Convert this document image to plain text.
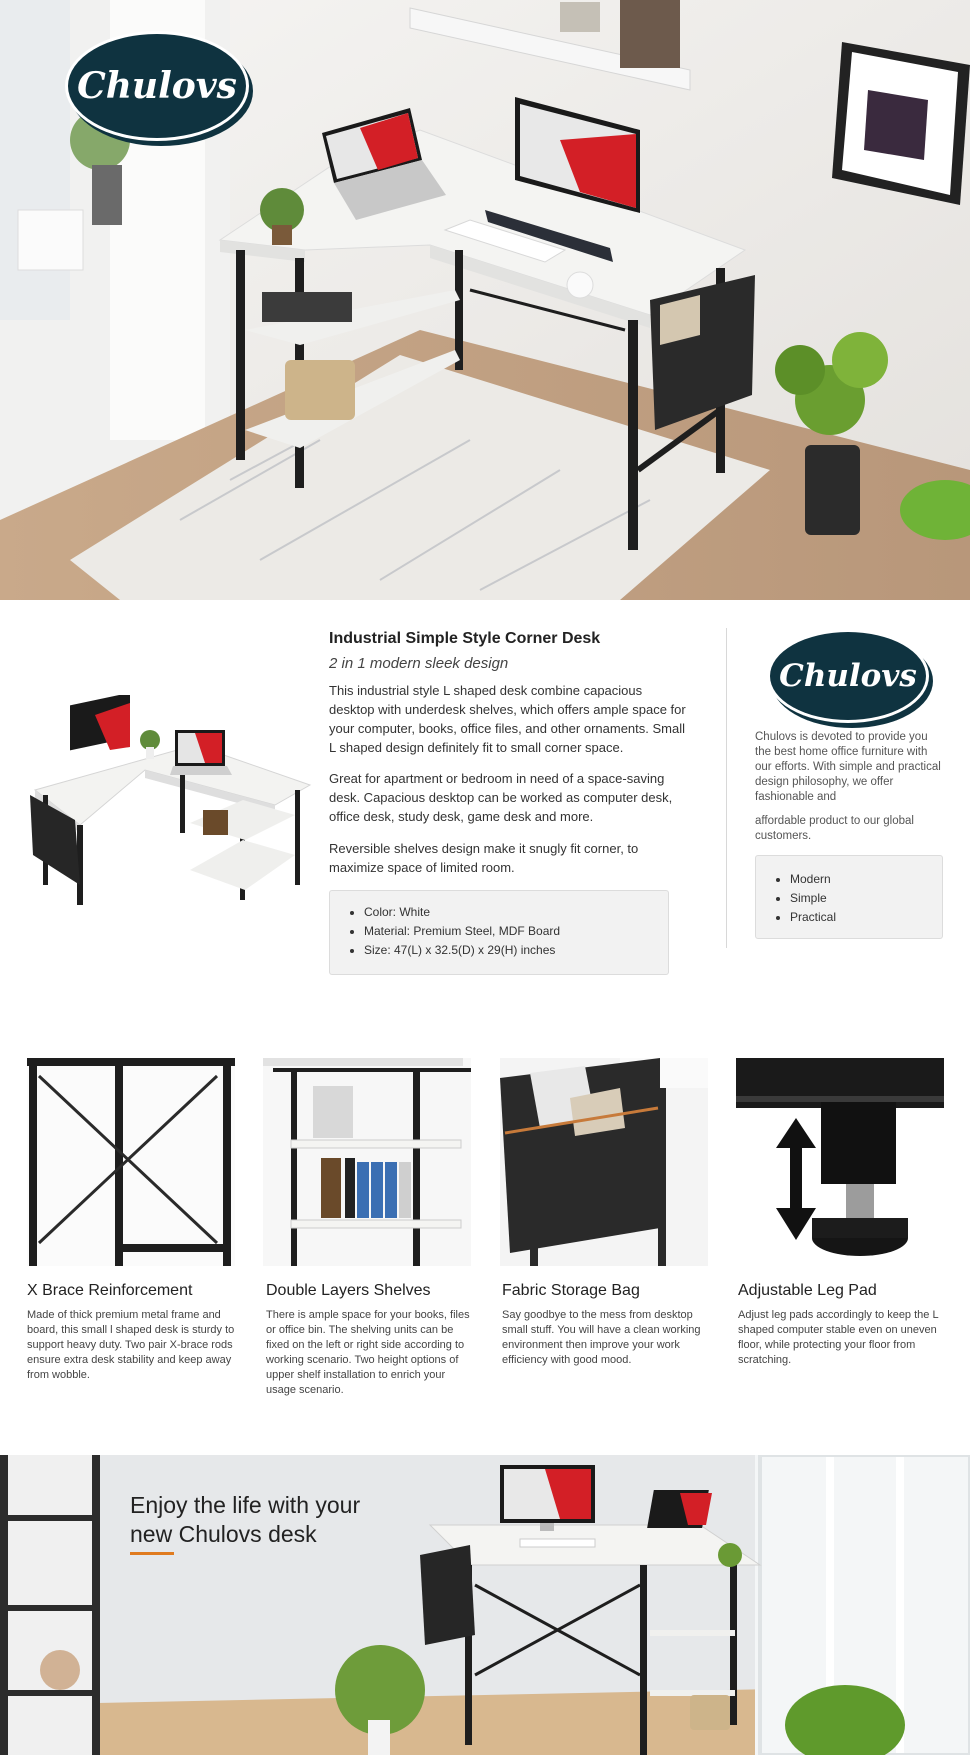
Chulovs
Industrial Simple Style Corner Desk
2 in 1 modern sleek design

This industrial style L shaped desk combine capacious desktop with underdesk shelves, which offers ample space for your computer, books, office files, and other ornaments. Small L shaped design definitely fit to small corner space.

Great for apartment or bedroom in need of a space-saving desk. Capacious desktop can be worked as computer desk, office desk, study desk, game desk and more.

Reversible shelves design make it snugly fit corner, to maximize space of limited room.

• Color: White
• Material: Premium Steel, MDF Board
• Size: 47(L) x 32.5(D) x 29(H) inches
Chulovs

Chulovs is devoted to provide you the best home office furniture with our efforts. With simple and practical design philosophy, we offer fashionable and

affordable product to our global customers.

• Modern
• Simple
• Practical
X Brace Reinforcement

Made of thick premium metal frame and board, this small l shaped desk is sturdy to support heavy duty. Two pair X-brace rods ensure extra desk stability and keep away from wobble.

Double Layers Shelves

There is ample space for your books, files or office bin. The shelving units can be fixed on the left or right side according to working scenario. Two height options of upper shelf installation to enrich your usage scenario.

Fabric Storage Bag

Say goodbye to the mess from desktop small stuff. You will have a clean working environment then improve your work efficiency with good mood.

Adjustable Leg Pad

Adjust leg pads accordingly to keep the L shaped computer stable even on uneven floor, while protecting your floor from scratching.

Enjoy the life with your
new Chulovs desk
